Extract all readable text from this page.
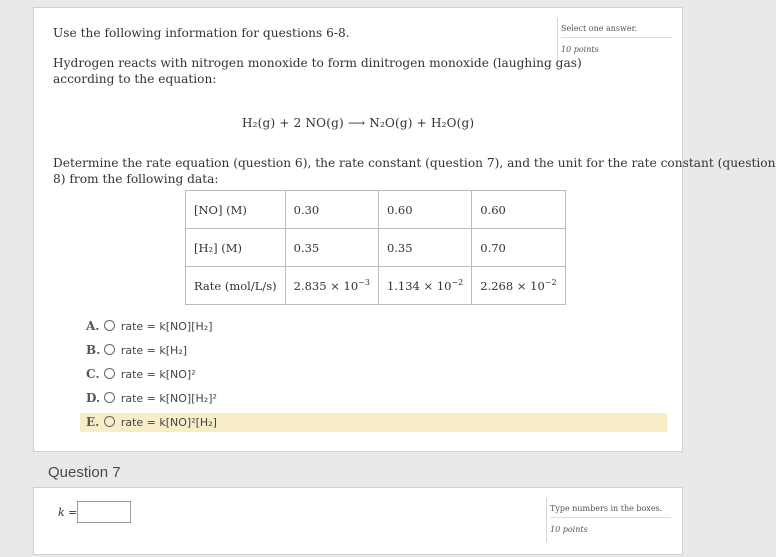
Select one answer.
10 points
Use the following information for questions 6-8.
Hydrogen reacts with nitrogen monoxide to form dinitrogen monoxide (laughing gas)
according to the equation:
H₂(g) + 2 NO(g) ⟶ N₂O(g) + H₂O(g)
Determine the rate equation (question 6), the rate constant (question 7), and the unit for the rate constant (question
8) from the following data:
[NO] (M)	0.30	0.60	0.60
[H₂] (M)	0.35	0.35	0.70
Rate (mol/L/s)	$2.835 \times 10^{-3}$	$1.134 \times 10^{-2}$	$2.268 \times 10^{-2}$
A. rate = k[NO][H₂]
B. rate = k[H₂]
C. rate = k[NO]²
D. rate = k[NO][H₂]²
E. rate = k[NO]²[H₂]
Question 7
k =	Type numbers in the boxes.
10 points
